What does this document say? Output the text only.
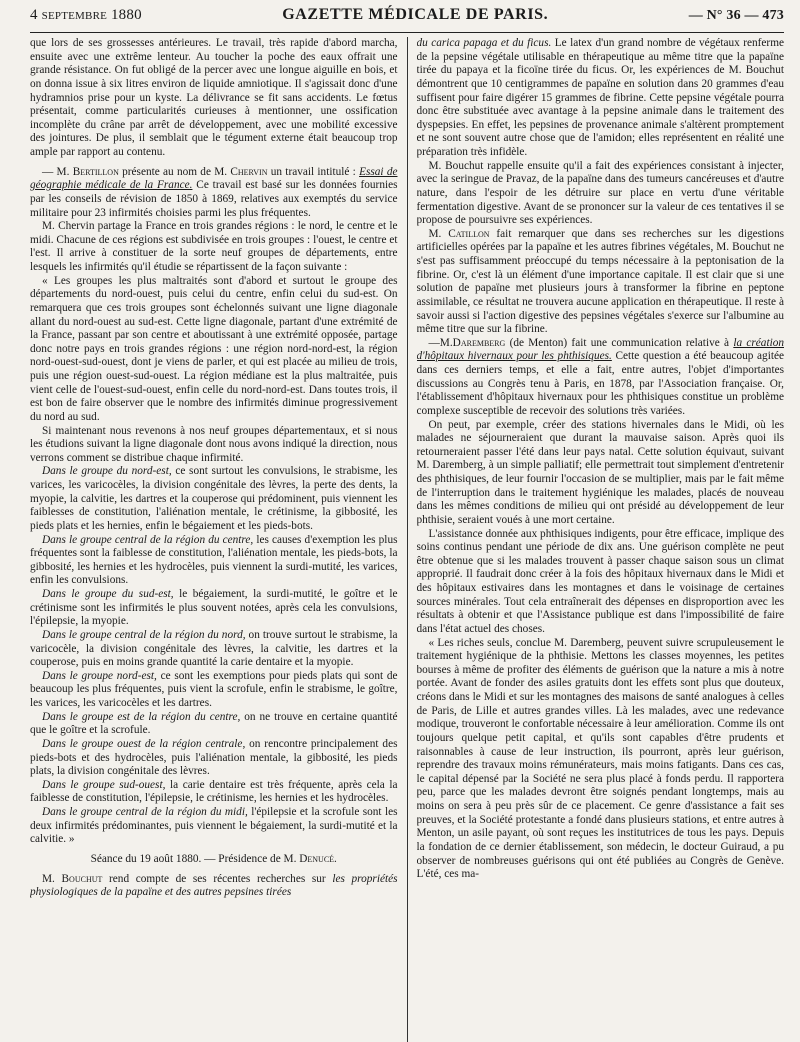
4 septembre 1880	GAZETTE MÉDICALE DE PARIS.	— N° 36 — 473

que lors de ses grossesses antérieures. Le travail, très rapide d'abord marcha, ensuite avec une extrême lenteur. Au toucher la poche des eaux offrait une grande résistance. On fut obligé de la percer avec une longue aiguille en bois, et on donna issue à six litres environ de liquide amniotique. Il s'agissait donc d'une hydramnios prise pour un kyste. La délivrance se fit sans accidents. Le fœtus présentait, comme particularités curieuses à mentionner, une ossification incomplète du crâne par arrêt de développement, avec une mobilité excessive des jointures. De plus, il semblait que le tégument externe était beaucoup trop ample par rapport au contenu.

— M. Bertillon présente au nom de M. Chervin un travail intitulé : Essai de géographie médicale de la France. Ce travail est basé sur les données fournies par les conseils de révision de 1850 à 1869, relatives aux exemptés du service militaire pour 23 infirmités choisies parmi les plus fréquentes.

M. Chervin partage la France en trois grandes régions : le nord, le centre et le midi. Chacune de ces régions est subdivisée en trois groupes : l'ouest, le centre et l'est. Il arrive à constituer de la sorte neuf groupes de départements, entre lesquels les infirmités qu'il étudie se répartissent de la façon suivante :

« Les groupes les plus maltraités sont d'abord et surtout le groupe des départements du nord-ouest, puis celui du centre, enfin celui du sud-est. On remarquera que ces trois groupes sont échelonnés suivant une ligne diagonale allant du nord-ouest au sud-est. Cette ligne diagonale, partant d'une extrémité de la France, passant par son centre et aboutissant à une extrémité opposée, partage donc notre pays en trois grandes régions : une région nord-nord-est, la région nord-ouest-sud-ouest, dont je viens de parler, et qui est placée au milieu de trois, puis une région ouest-sud-ouest. La région médiane est la plus maltraitée, puis vient celle de l'ouest-sud-ouest, enfin celle du nord-nord-est. Dans toutes trois, il est bon de faire observer que le nombre des infirmités diminue progressivement du nord au sud.

Si maintenant nous revenons à nos neuf groupes départementaux, et si nous les étudions suivant la ligne diagonale dont nous avons indiqué la direction, nous verrons comment se distribue chaque infirmité.

Dans le groupe du nord-est, ce sont surtout les convulsions, le strabisme, les varices, les varicocèles, la division congénitale des lèvres, la perte des dents, la myopie, la calvitie, les dartres et la couperose qui prédominent, puis viennent les faiblesses de constitution, l'aliénation mentale, le crétinisme, la gibbosité, les pieds plats et les hernies, enfin le bégaiement et les pieds-bots.

Dans le groupe central de la région du centre, les causes d'exemption les plus fréquentes sont la faiblesse de constitution, l'aliénation mentale, les pieds-bots, la gibbosité, les hernies et les hydrocèles, puis viennent la surdi-mutité, les varices, enfin les convulsions.

Dans le groupe du sud-est, le bégaiement, la surdi-mutité, le goître et le crétinisme sont les infirmités le plus souvent notées, après cela les convulsions, l'épilepsie, la myopie.

Dans le groupe central de la région du nord, on trouve surtout le strabisme, la varicocèle, la division congénitale des lèvres, la calvitie, les dartres et la couperose, puis en moins grande quantité la carie dentaire et la myopie.

Dans le groupe nord-est, ce sont les exemptions pour pieds plats qui sont de beaucoup les plus fréquentes, puis vient la scrofule, enfin le strabisme, le goître, les varices, les varicocèles et les dartres.

Dans le groupe est de la région du centre, on ne trouve en certaine quantité que le goître et la scrofule.

Dans le groupe ouest de la région centrale, on rencontre principalement des pieds-bots et des hydrocèles, puis l'aliénation mentale, la gibbosité, les pieds plats, la division congénitale des lèvres.

Dans le groupe sud-ouest, la carie dentaire est très fréquente, après cela la faiblesse de constitution, l'épilepsie, le crétinisme, les hernies et les hydrocèles.

Dans le groupe central de la région du midi, l'épilepsie et la scrofule sont les deux infirmités prédominantes, puis viennent le bégaiement, la surdi-mutité et la calvitie. »

Séance du 19 août 1880. — Présidence de M. Denucé.

M. Bouchut rend compte de ses récentes recherches sur les propriétés physiologiques de la papaïne et des autres pepsines tirées

du carica papaga et du ficus. Le latex d'un grand nombre de végétaux renferme de la pepsine végétale utilisable en thérapeutique au même titre que la papaïne tirée du papaya et la ficoïne tirée du ficus. Or, les expériences de M. Bouchut démontrent que 10 centigrammes de papaïne en solution dans 20 grammes d'eau suffisent pour faire digérer 15 grammes de fibrine. Cette pepsine végétale pourra donc être substituée avec avantage à la pepsine animale dans le traitement des dyspepsies. En effet, les pepsines de provenance animale s'altèrent promptement et ne sont souvent autre chose que de l'amidon; elles représentent en réalité une préparation très infidèle.

M. Bouchut rappelle ensuite qu'il a fait des expériences consistant à injecter, avec la seringue de Pravaz, de la papaïne dans des tumeurs cancéreuses et d'autre nature, dans l'espoir de les détruire sur place en vertu d'une véritable fermentation digestive. Avant de se prononcer sur la valeur de ces tentatives il se propose de poursuivre ses expériences.

M. Catillon fait remarquer que dans ses recherches sur les digestions artificielles opérées par la papaïne et les autres fibrines végétales, M. Bouchut ne s'est pas suffisamment préoccupé du temps nécessaire à la peptonisation de la fibrine. Or, c'est là un élément d'une importance capitale. Il est clair que si une solution de papaïne met plusieurs jours à transformer la fibrine en peptone assimilable, ce résultat ne trouvera aucune application en thérapeutique. Il reste à savoir aussi si l'action digestive des pepsines végétales s'exerce sur l'albumine au même titre que sur la fibrine.

—M.Daremberg (de Menton) fait une communication relative à la création d'hôpitaux hivernaux pour les phthisiques. Cette question a été beaucoup agitée dans ces derniers temps, et elle a fait, entre autres, l'objet d'importantes discussions au Congrès tenu à Paris, en 1878, par l'Association française. Or, l'établissement d'hôpitaux hivernaux pour les phthisiques constitue un problème complexe susceptible de recevoir des solutions très variées.

On peut, par exemple, créer des stations hivernales dans le Midi, où les malades ne séjourneraient que durant la mauvaise saison. Après quoi ils retourneraient passer l'été dans leur pays natal. Cette solution équivaut, suivant M. Daremberg, à un simple palliatif; elle permettrait tout simplement d'entretenir des phthisiques, de leur fournir l'occasion de se multiplier, mais par le fait même de l'interruption dans le traitement hygiénique les malades, placés de nouveau dans les mêmes conditions de milieu qui ont présidé au développement de leur phthisie, seraient voués à une mort certaine.

L'assistance donnée aux phthisiques indigents, pour être efficace, implique des soins continus pendant une période de dix ans. Une guérison complète ne peut être obtenue que si les malades trouvent à passer chaque saison sous un climat approprié. Il faudrait donc créer à la fois des hôpitaux hivernaux dans le Midi et des hôpitaux estivaires dans les montagnes et dans le voisinage de certaines sources minérales. Tout cela entraînerait des dépenses en disproportion avec les résultats à obtenir et que l'Assistance publique est dans l'impossibilité de faire dans l'état actuel des choses.

« Les riches seuls, conclue M. Daremberg, peuvent suivre scrupuleusement le traitement hygiénique de la phthisie. Mettons les classes moyennes, les petites bourses à même de profiter des éléments de guérison que la nature a mis à notre portée. Avant de fonder des asiles gratuits dont les effets sont plus que douteux, créons dans le Midi et sur les montagnes des maisons de santé analogues à celles de Paris, de Lille et autres grandes villes. Là les malades, avec une redevance modique, trouveront le confortable nécessaire à leur amélioration. Comme ils ont toujours quelque petit capital, et qu'ils sont capables d'être prudents et raisonnables à cause de leur instruction, ils pourront, après leur guérison, reprendre des travaux moins rémunérateurs, mais moins fatigants. Dans ces cas, le capital dépensé par la Société ne sera plus placé à fonds perdu. Il rapportera peu, parce que les malades devront être soignés pendant longtemps, mais au moins on sera à peu près sûr de ce placement. Ce genre d'assistance a fait ses preuves, et la Société protestante a fondé dans plusieurs stations, et entre autres à Menton, un asile payant, où sont reçues les institutrices de tous les pays. Depuis la fondation de ce dernier établissement, son médecin, le docteur Guiraud, a pu observer de nombreuses guérisons qui ont été publiées au Congrès de Genève. L'été, ces ma-
